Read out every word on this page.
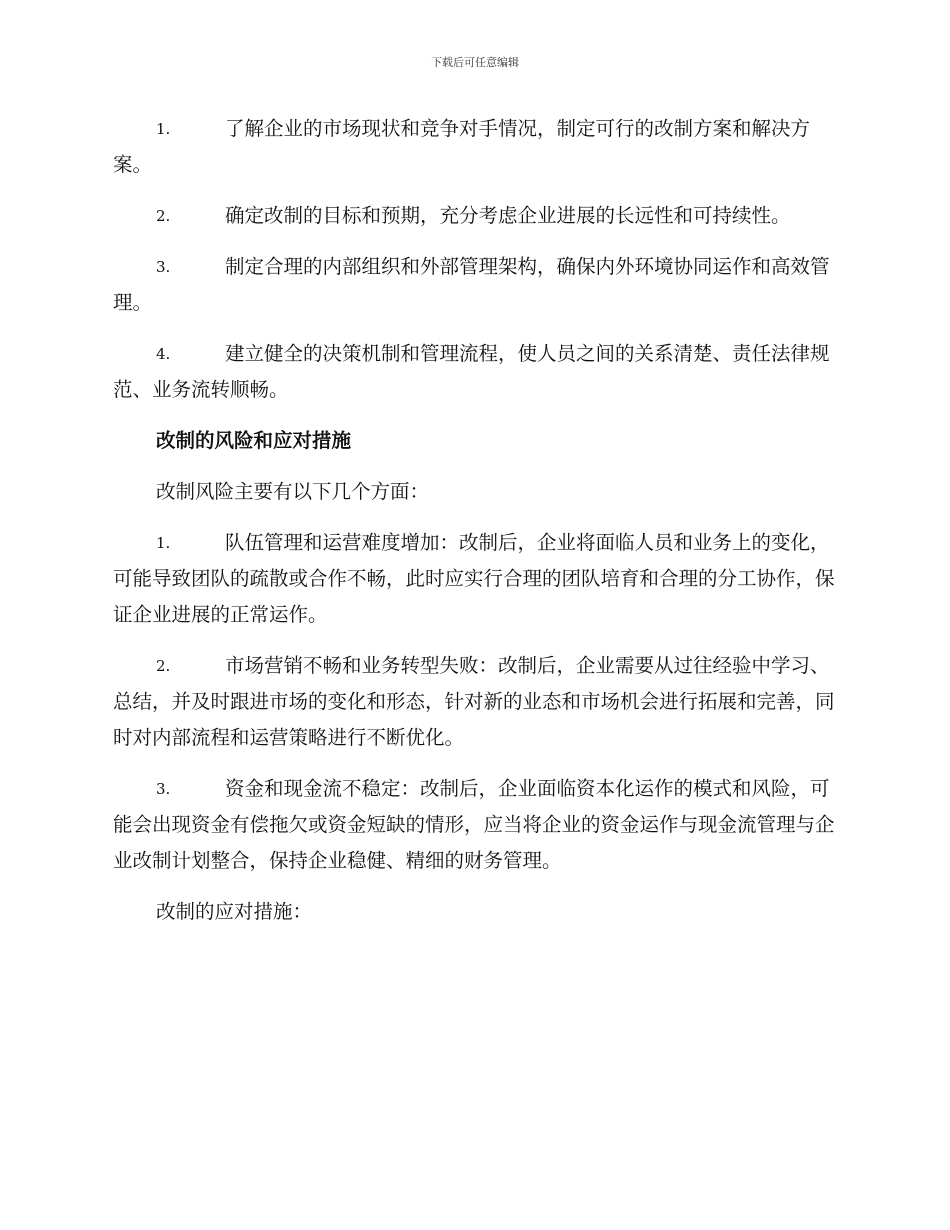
下载后可任意编辑
1.	了解企业的市场现状和竞争对手情况，制定可行的改制方案和解决方案。
2.	确定改制的目标和预期，充分考虑企业进展的长远性和可持续性。
3.	制定合理的内部组织和外部管理架构，确保内外环境协同运作和高效管理。
4.	建立健全的决策机制和管理流程，使人员之间的关系清楚、责任法律规范、业务流转顺畅。
改制的风险和应对措施
改制风险主要有以下几个方面：
1.	队伍管理和运营难度增加：改制后，企业将面临人员和业务上的变化，可能导致团队的疏散或合作不畅，此时应实行合理的团队培育和合理的分工协作，保证企业进展的正常运作。
2.	市场营销不畅和业务转型失败：改制后，企业需要从过往经验中学习、总结，并及时跟进市场的变化和形态，针对新的业态和市场机会进行拓展和完善，同时对内部流程和运营策略进行不断优化。
3.	资金和现金流不稳定：改制后，企业面临资本化运作的模式和风险，可能会出现资金有偿拖欠或资金短缺的情形，应当将企业的资金运作与现金流管理与企业改制计划整合，保持企业稳健、精细的财务管理。
改制的应对措施：
